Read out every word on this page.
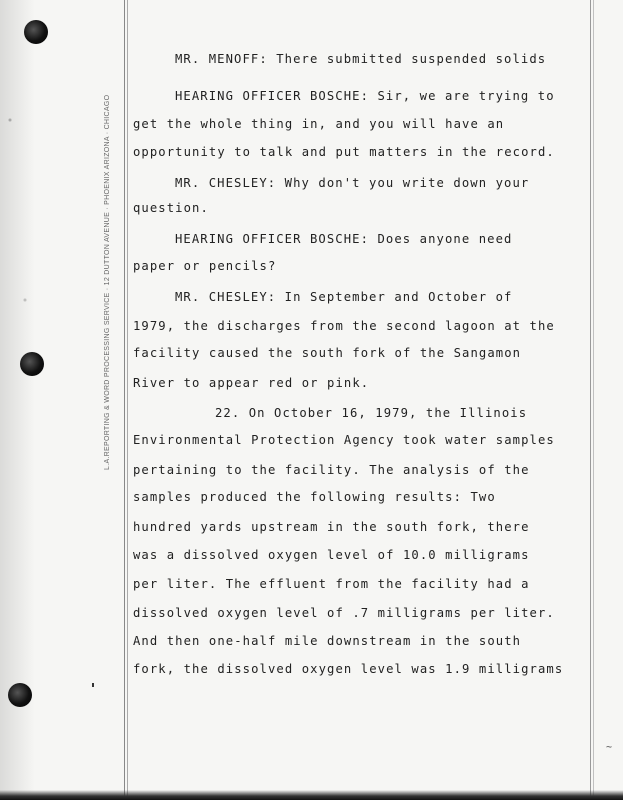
L.A.REPORTING & WORD PROCESSING SERVICE · 12 DUTTON AVENUE · PHOENIX ARIZONA · CHICAGO
MR. MENOFF: There submitted suspended solids
HEARING OFFICER BOSCHE: Sir, we are trying to
get the whole thing in, and you will have an
opportunity to talk and put matters in the record.
MR. CHESLEY: Why don't you write down your
question.
HEARING OFFICER BOSCHE: Does anyone need
paper or pencils?
MR. CHESLEY: In September and October of
1979, the discharges from the second lagoon at the
facility caused the south fork of the Sangamon
River to appear red or pink.
22. On October 16, 1979, the Illinois
Environmental Protection Agency took water samples
pertaining to the facility. The analysis of the
samples produced the following results: Two
hundred yards upstream in the south fork, there
was a dissolved oxygen level of 10.0 milligrams
per liter. The effluent from the facility had a
dissolved oxygen level of .7 milligrams per liter.
And then one-half mile downstream in the south
fork, the dissolved oxygen level was 1.9 milligrams
~
